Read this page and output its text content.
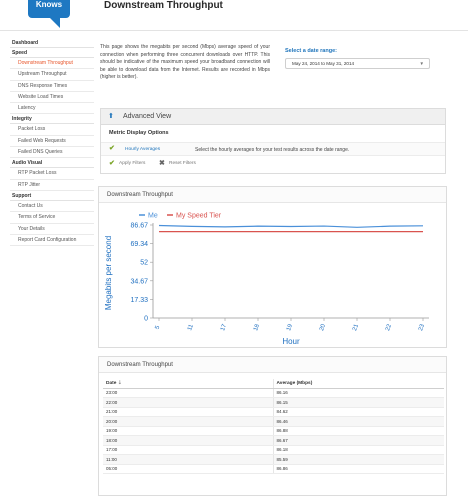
Knows	Downstream Throughput
Dashboard
Speed
Downstream Throughput
Upstream Throughput
DNS Response Times
Website Load Times
Latency
Integrity
Packet Loss
Failed Web Requests
Failed DNS Queries
Audio Visual
RTP Packet Loss
RTP Jitter
Support
Contact Us
Terms of Service
Your Details
Report Card Configuration
This page shows the megabits per second (Mbps) average speed of your connection when performing three concurrent downloads over HTTP. This should be indicative of the maximum speed your broadband connection will be able to download data from the Internet. Results are recorded in Mbps (higher is better).
Select a date range:
May 24, 2014 to May 31, 2014	▼
⬆ Advanced View
Metric Display Options
✔ Hourly Averages	Select the hourly averages for your test results across the date range.
✔ Apply Filters ✖ Reset Filters
Downstream Throughput
0
17.33
34.67
52
69.34
86.67
5	11	17	18	19	20	21	22	23
Hour
Megabits per second
Me	My Speed Tier
Downstream Throughput
Date ⇣	Average (Mbps)
23:00	86.16
22:00	86.15
21:00	84.62
20:00	86.46
19:00	86.88
18:00	86.67
17:00	86.18
11:00	85.59
05:00	86.86
